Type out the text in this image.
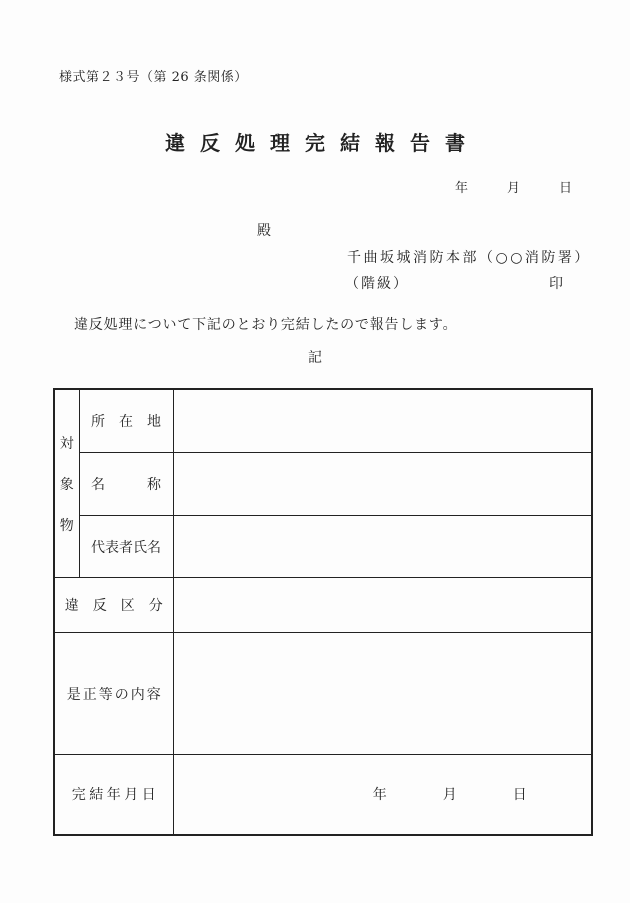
様式第２３号（第 26 条関係）
違反処理完結報告書
年　　　月　　　日
殿
千曲坂城消防本部（○○消防署）
（階級）	印
違反処理について下記のとおり完結したので報告します。
記

対
象
物	所　在　地	
	名　　　称	
	代表者氏名	
違　反　区　分		
是正等の内容		
完結年月日		年　　　　月　　　　日
